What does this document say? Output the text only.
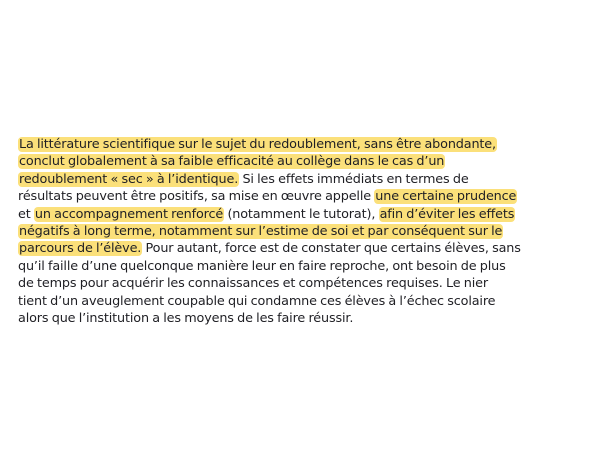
La littérature scientifique sur le sujet du redoublement, sans être abondante,
conclut globalement à sa faible efficacité au collège dans le cas d’un
redoublement « sec » à l’identique. Si les effets immédiats en termes de
résultats peuvent être positifs, sa mise en œuvre appelle une certaine prudence
et un accompagnement renforcé (notamment le tutorat), afin d’éviter les effets
négatifs à long terme, notamment sur l’estime de soi et par conséquent sur le
parcours de l’élève. Pour autant, force est de constater que certains élèves, sans
qu’il faille d’une quelconque manière leur en faire reproche, ont besoin de plus
de temps pour acquérir les connaissances et compétences requises. Le nier
tient d’un aveuglement coupable qui condamne ces élèves à l’échec scolaire
alors que l’institution a les moyens de les faire réussir.
